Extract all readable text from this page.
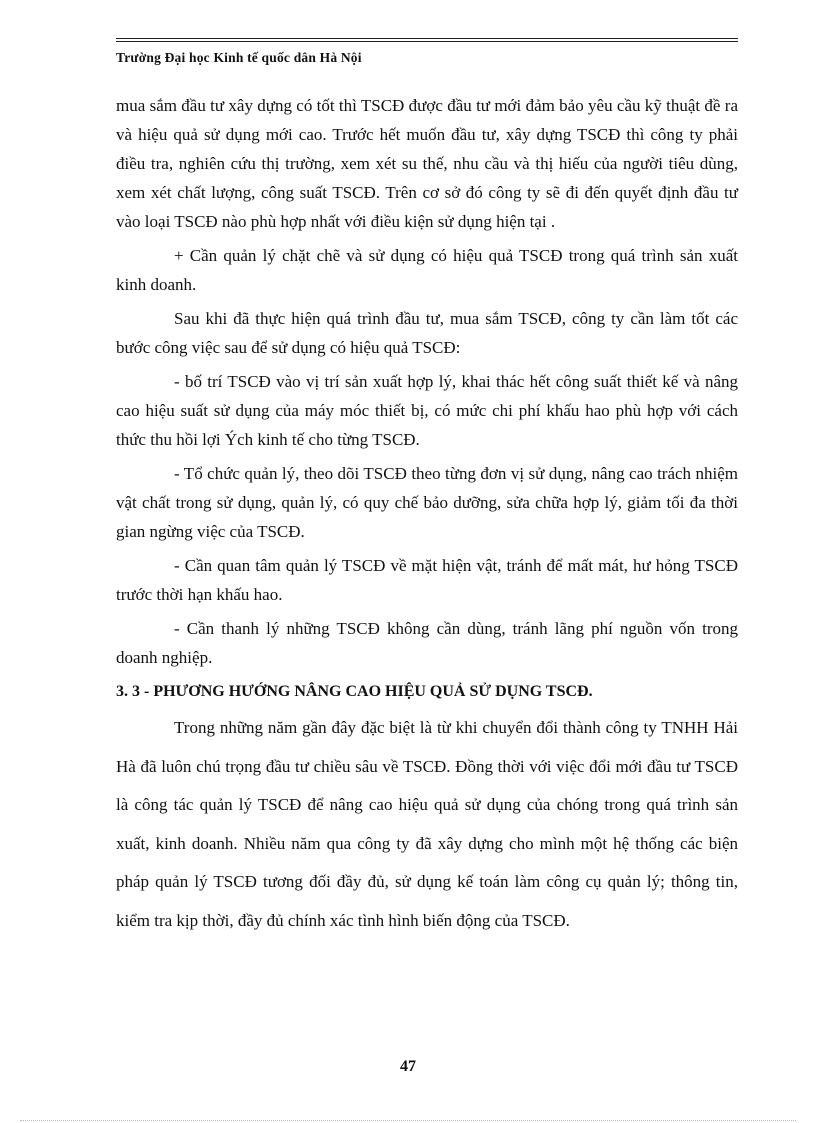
Trường Đại học Kinh tế quốc dân Hà Nội

mua sắm đầu tư xây dựng có tốt thì TSCĐ được đầu tư mới đảm bảo yêu cầu kỹ thuật đề ra và hiệu quả sử dụng mới cao. Trước hết muốn đầu tư, xây dựng TSCĐ thì công ty phải điều tra, nghiên cứu thị trường, xem xét su thế, nhu cầu và thị hiếu của người tiêu dùng, xem xét chất lượng, công suất TSCĐ. Trên cơ sở đó công ty sẽ đi đến quyết định đầu tư vào loại TSCĐ nào phù hợp nhất với điều kiện sử dụng hiện tại .

+ Cần quản lý chặt chẽ và sử dụng có hiệu quả TSCĐ trong quá trình sản xuất kinh doanh.

Sau khi đã thực hiện quá trình đầu tư, mua sắm TSCĐ, công ty cần làm tốt các bước công việc sau để sử dụng có hiệu quả TSCĐ:

- bố trí TSCĐ vào vị trí sản xuất hợp lý, khai thác hết công suất thiết kế và nâng cao hiệu suất sử dụng của máy móc thiết bị, có mức chi phí khấu hao phù hợp với cách thức thu hồi lợi Ých kinh tế cho từng TSCĐ.

- Tổ chức quản lý, theo dõi TSCĐ theo từng đơn vị sử dụng, nâng cao trách nhiệm vật chất trong sử dụng, quản lý, có quy chế bảo dưỡng, sửa chữa hợp lý, giảm tối đa thời gian ngừng việc của TSCĐ.

- Cần quan tâm quản lý TSCĐ về mặt hiện vật, tránh để mất mát, hư hỏng TSCĐ trước thời hạn khấu hao.

- Cần thanh lý những TSCĐ không cần dùng, tránh lãng phí nguồn vốn trong doanh nghiệp.

3. 3 - PHƯƠNG HƯỚNG NÂNG CAO HIỆU QUẢ SỬ DỤNG TSCĐ.

Trong những năm gần đây đặc biệt là từ khi chuyển đổi thành công ty TNHH Hải Hà đã luôn chú trọng đầu tư chiều sâu về TSCĐ. Đồng thời với việc đổi mới đầu tư TSCĐ là công tác quản lý TSCĐ để nâng cao hiệu quả sử dụng của chóng trong quá trình sản xuất, kinh doanh. Nhiều năm qua công ty đã xây dựng cho mình một hệ thống các biện pháp quản lý TSCĐ tương đối đầy đủ, sử dụng kế toán làm công cụ quản lý; thông tin, kiểm tra kịp thời, đầy đủ chính xác tình hình biến động của TSCĐ.

47
